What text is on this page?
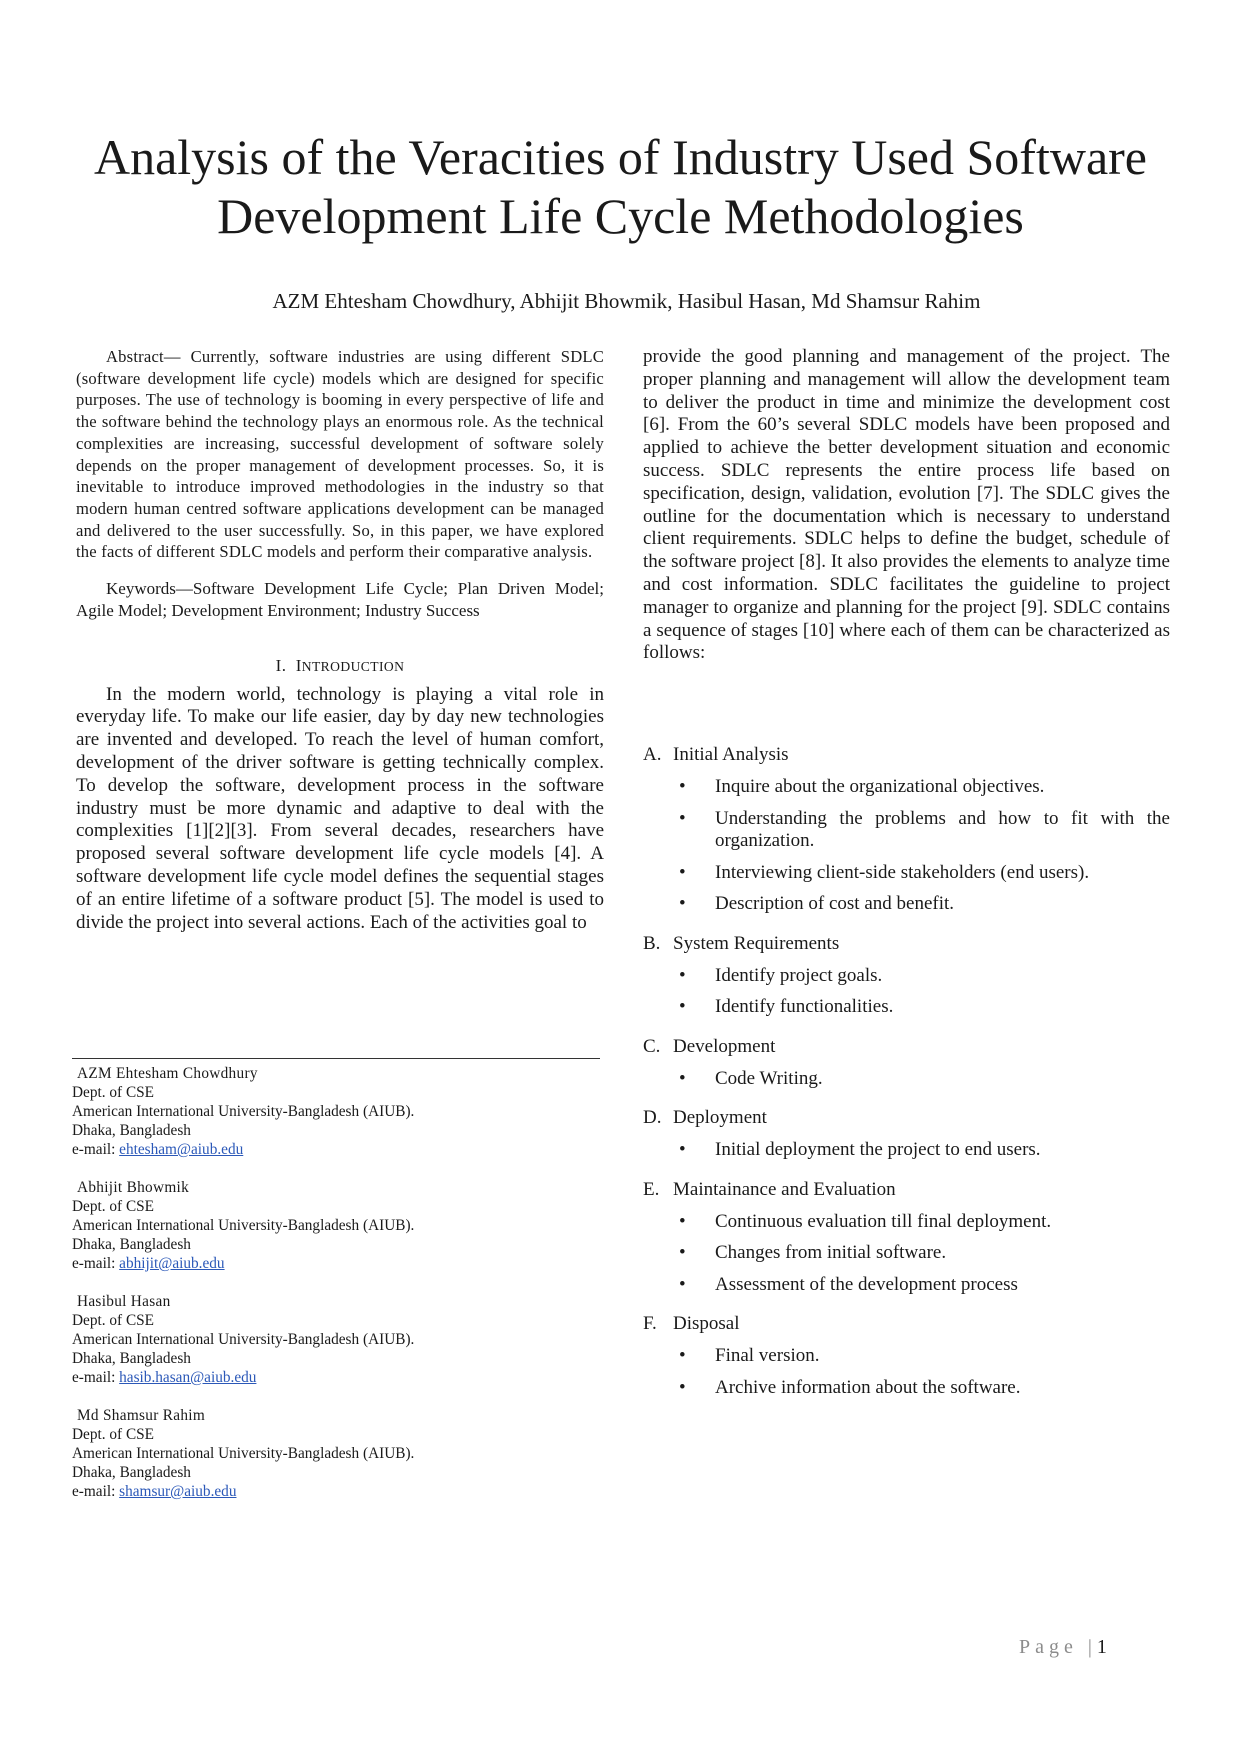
Analysis of the Veracities of Industry Used Software
Development Life Cycle Methodologies
AZM Ehtesham Chowdhury, Abhijit Bhowmik, Hasibul Hasan, Md Shamsur Rahim

Abstract— Currently, software industries are using different SDLC (software development life cycle) models which are designed for specific purposes. The use of technology is booming in every perspective of life and the software behind the technology plays an enormous role. As the technical complexities are increasing, successful development of software solely depends on the proper management of development processes. So, it is inevitable to introduce improved methodologies in the industry so that modern human centred software applications development can be managed and delivered to the user successfully. So, in this paper, we have explored the facts of different SDLC models and perform their comparative analysis.

Keywords—Software Development Life Cycle; Plan Driven Model; Agile Model; Development Environment; Industry Success

I. INTRODUCTION

In the modern world, technology is playing a vital role in everyday life. To make our life easier, day by day new technologies are invented and developed. To reach the level of human comfort, development of the driver software is getting technically complex. To develop the software, development process in the software industry must be more dynamic and adaptive to deal with the complexities [1][2][3]. From several decades, researchers have proposed several software development life cycle models [4]. A software development life cycle model defines the sequential stages of an entire lifetime of a software product [5]. The model is used to divide the project into several actions. Each of the activities goal to

AZM Ehtesham Chowdhury
Dept. of CSE
American International University-Bangladesh (AIUB).
Dhaka, Bangladesh
e-mail: ehtesham@aiub.edu
Abhijit Bhowmik
Dept. of CSE
American International University-Bangladesh (AIUB).
Dhaka, Bangladesh
e-mail: abhijit@aiub.edu
Hasibul Hasan
Dept. of CSE
American International University-Bangladesh (AIUB).
Dhaka, Bangladesh
e-mail: hasib.hasan@aiub.edu
Md Shamsur Rahim
Dept. of CSE
American International University-Bangladesh (AIUB).
Dhaka, Bangladesh
e-mail: shamsur@aiub.edu

provide the good planning and management of the project. The proper planning and management will allow the development team to deliver the product in time and minimize the development cost [6]. From the 60’s several SDLC models have been proposed and applied to achieve the better development situation and economic success. SDLC represents the entire process life based on specification, design, validation, evolution [7]. The SDLC gives the outline for the documentation which is necessary to understand client requirements. SDLC helps to define the budget, schedule of the software project [8]. It also provides the elements to analyze time and cost information. SDLC facilitates the guideline to project manager to organize and planning for the project [9]. SDLC contains a sequence of stages [10] where each of them can be characterized as follows:

A. Initial Analysis
• Inquire about the organizational objectives.
• Understanding the problems and how to fit with the organization.
• Interviewing client-side stakeholders (end users).
• Description of cost and benefit.
B. System Requirements
• Identify project goals.
• Identify functionalities.
C. Development
• Code Writing.
D. Deployment
• Initial deployment the project to end users.
E. Maintainance and Evaluation
• Continuous evaluation till final deployment.
• Changes from initial software.
• Assessment of the development process
F. Disposal
• Final version.
• Archive information about the software.
Page |1
